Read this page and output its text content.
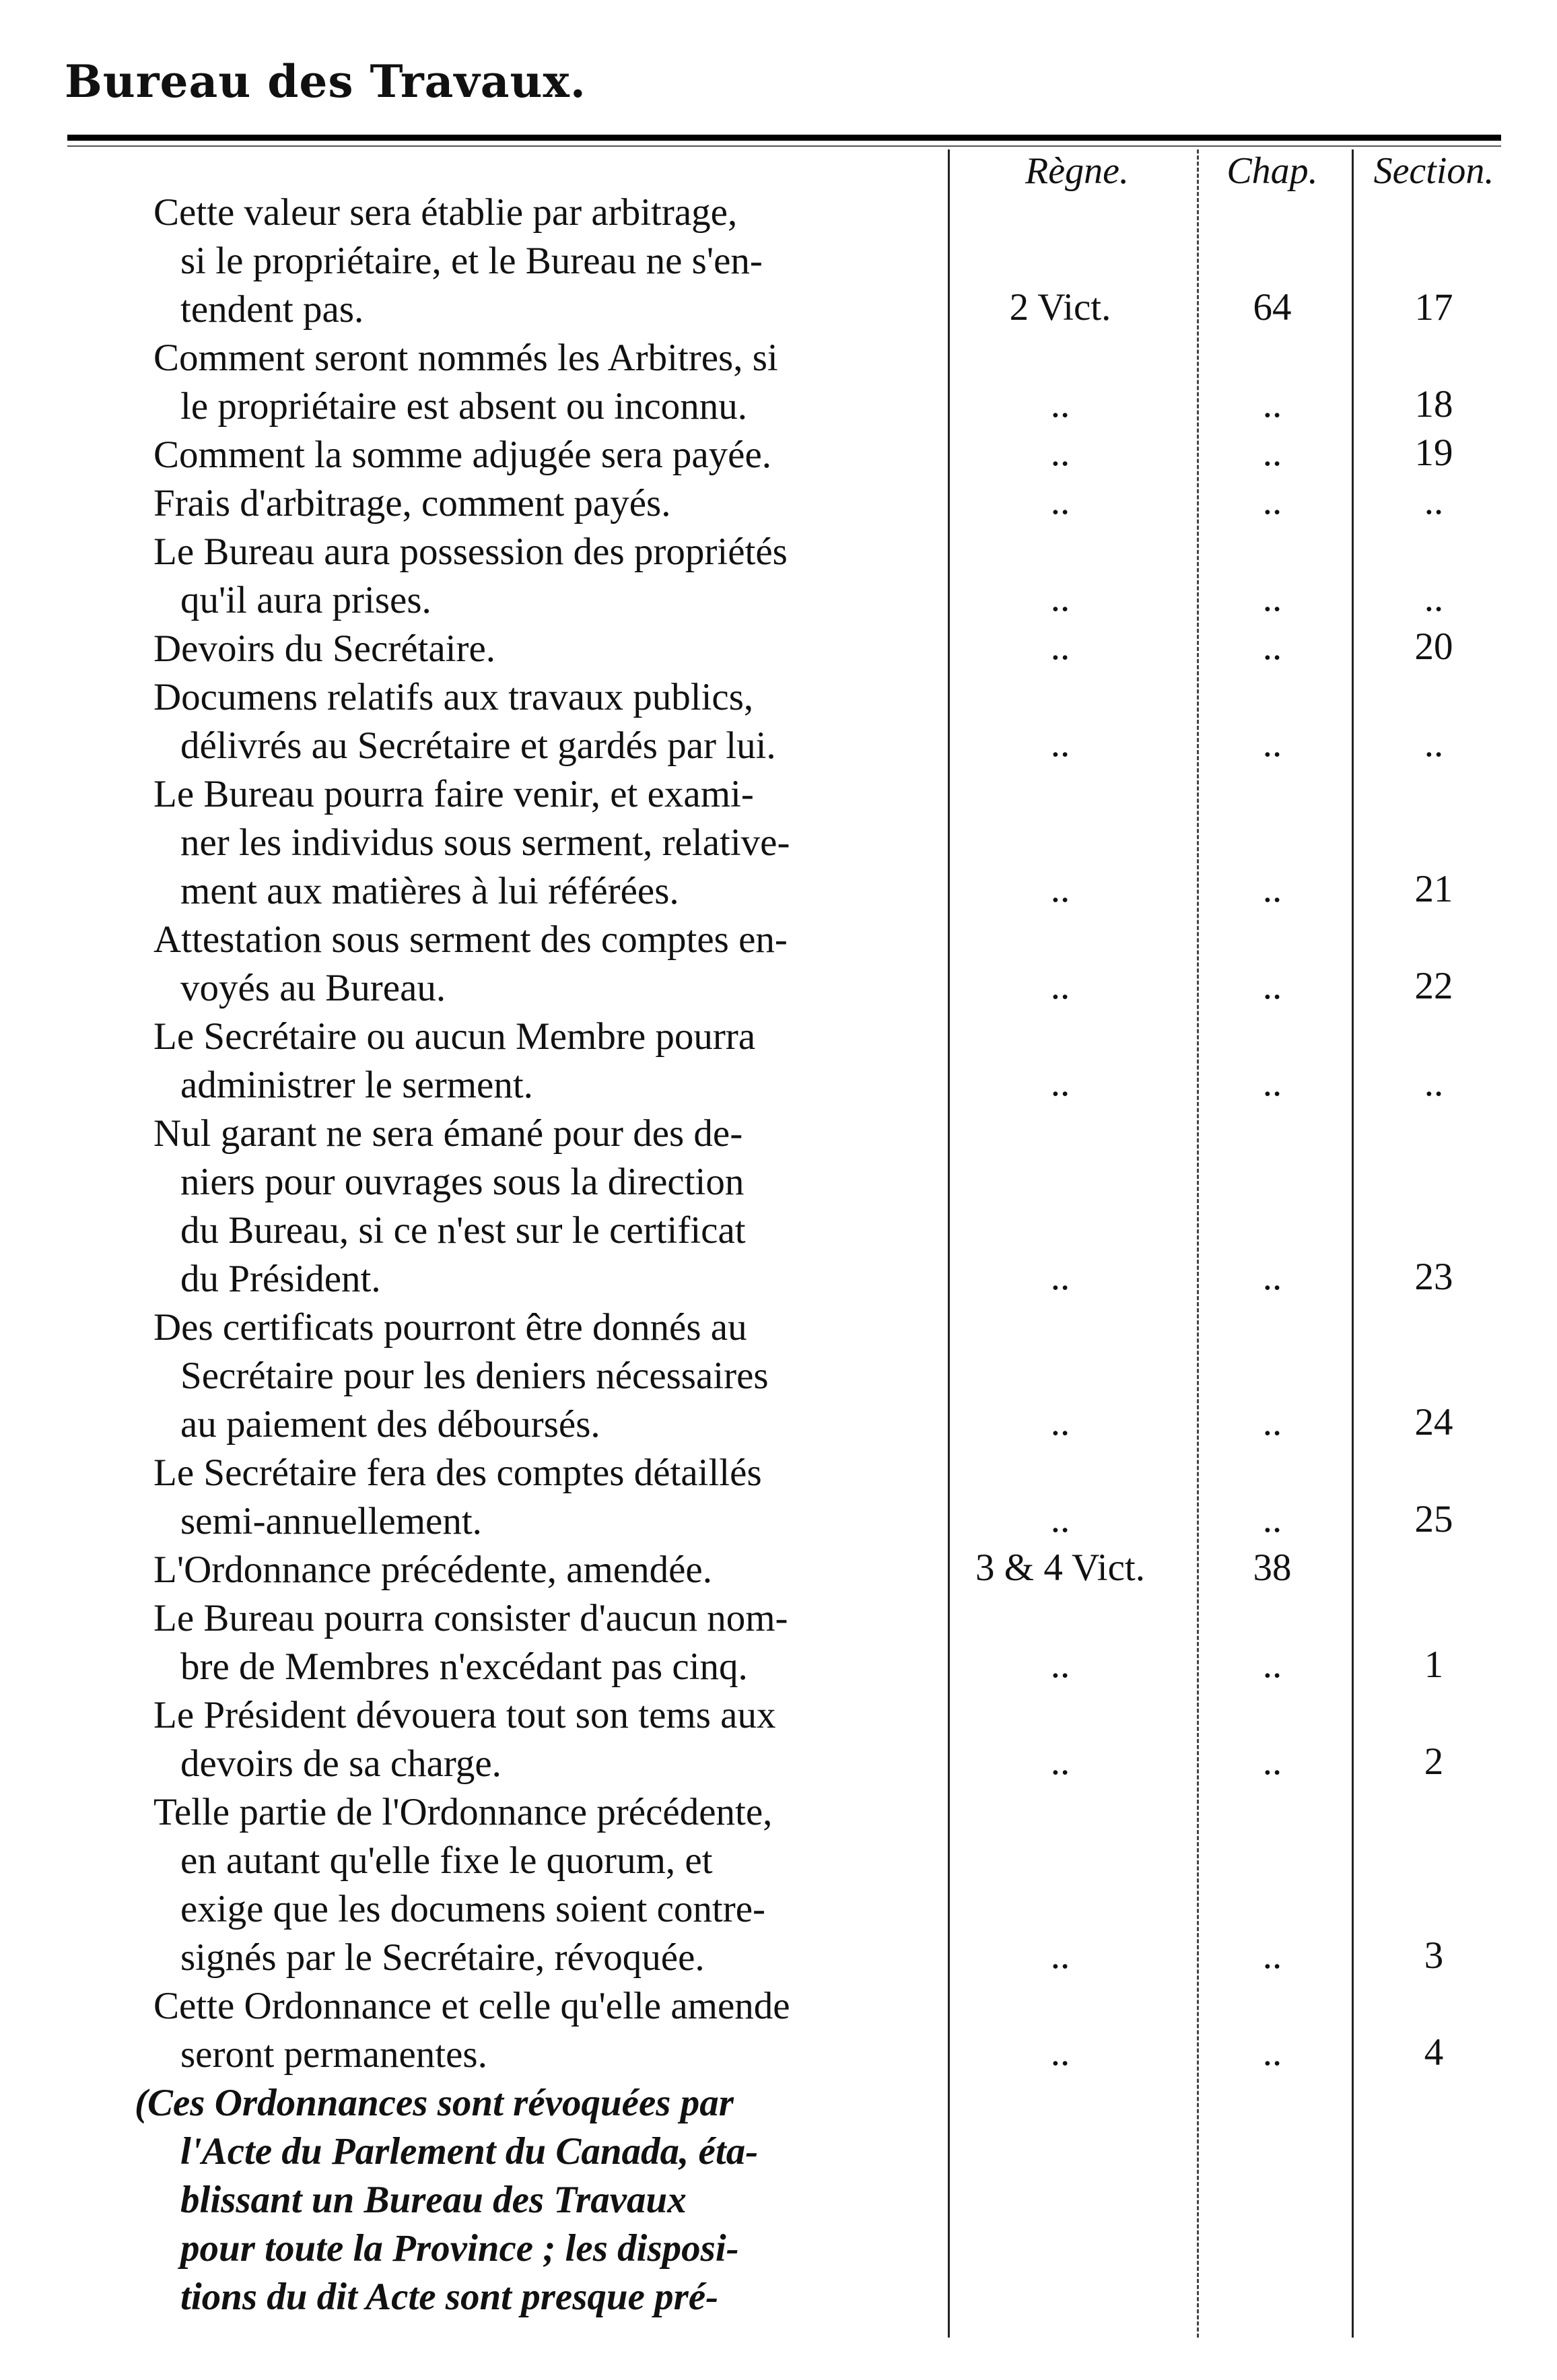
Bureau des Travaux.
Règne.	Chap.	Section.
Cette valeur sera établie par arbitrage,
si le propriétaire, et le Bureau ne s'en-
tendent pas.	2 Vict.	64	17
Comment seront nommés les Arbitres, si
le propriétaire est absent ou inconnu.	..	..	18
Comment la somme adjugée sera payée.	..	..	19
Frais d'arbitrage, comment payés.	..	..	..
Le Bureau aura possession des propriétés
qu'il aura prises.	..	..	..
Devoirs du Secrétaire.	..	..	20
Documens relatifs aux travaux publics,
délivrés au Secrétaire et gardés par lui.	..	..	..
Le Bureau pourra faire venir, et exami-
ner les individus sous serment, relative-
ment aux matières à lui référées.	..	..	21
Attestation sous serment des comptes en-
voyés au Bureau.	..	..	22
Le Secrétaire ou aucun Membre pourra
administrer le serment.	..	..	..
Nul garant ne sera émané pour des de-
niers pour ouvrages sous la direction
du Bureau, si ce n'est sur le certificat
du Président.	..	..	23
Des certificats pourront être donnés au
Secrétaire pour les deniers nécessaires
au paiement des déboursés.	..	..	24
Le Secrétaire fera des comptes détaillés
semi-annuellement.	..	..	25
L'Ordonnance précédente, amendée.	3 & 4 Vict.	38
Le Bureau pourra consister d'aucun nom-
bre de Membres n'excédant pas cinq.	..	..	1
Le Président dévouera tout son tems aux
devoirs de sa charge.	..	..	2
Telle partie de l'Ordonnance précédente,
en autant qu'elle fixe le quorum, et
exige que les documens soient contre-
signés par le Secrétaire, révoquée.	..	..	3
Cette Ordonnance et celle qu'elle amende
seront permanentes.	..	..	4
(Ces Ordonnances sont révoquées par
l'Acte du Parlement du Canada, éta-
blissant un Bureau des Travaux
pour toute la Province ; les disposi-
tions du dit Acte sont presque pré-
